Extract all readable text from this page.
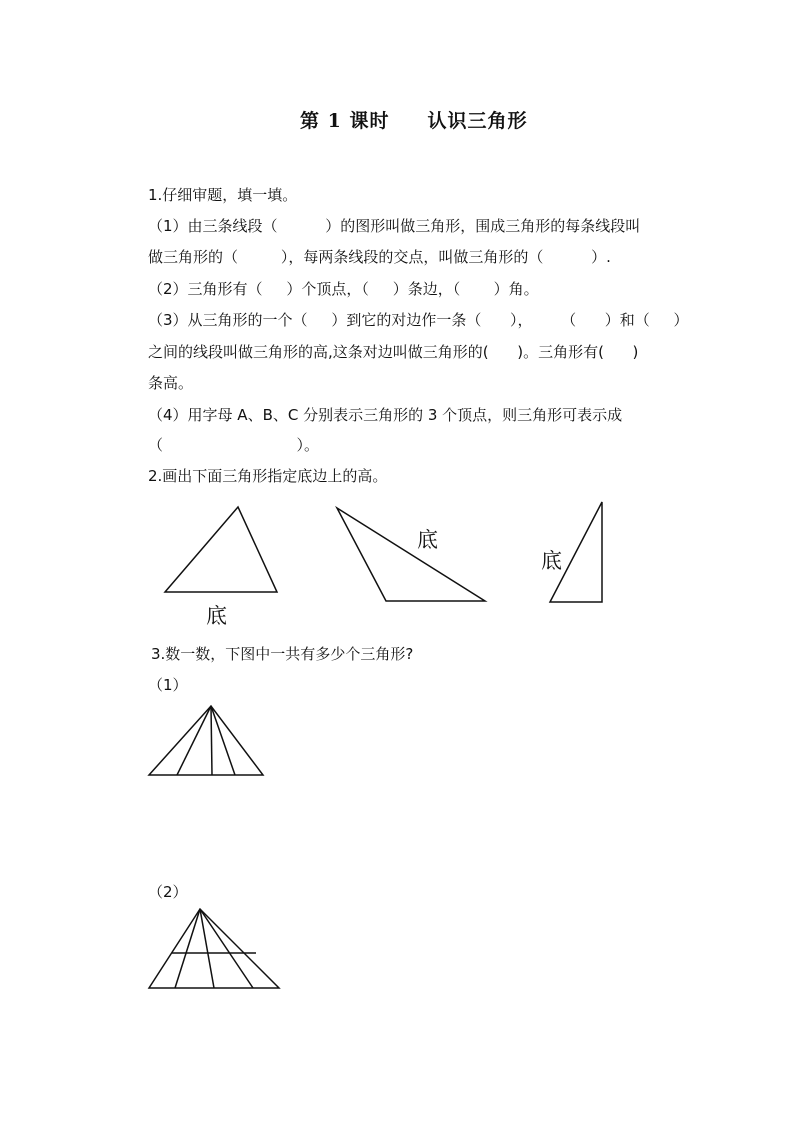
第 1 课时     认识三角形
1.仔细审题，填一填。
（1）由三条线段（          ）的图形叫做三角形，围成三角形的每条线段叫
做三角形的（         ），每两条线段的交点，叫做三角形的（          ）.
（2）三角形有（     ）个顶点，（     ）条边，（       ）角。
（3）从三角形的一个（     ）到它的对边作一条（      ），      （      ）和（     ）
之间的线段叫做三角形的高,这条对边叫做三角形的(      )。三角形有(      )
条高。
（4）用字母 A、B、C 分别表示三角形的 3 个顶点，则三角形可表示成
（                            ）。
2.画出下面三角形指定底边上的高。
底
底
底
3.数一数，下图中一共有多少个三角形?
（1）
（2）
